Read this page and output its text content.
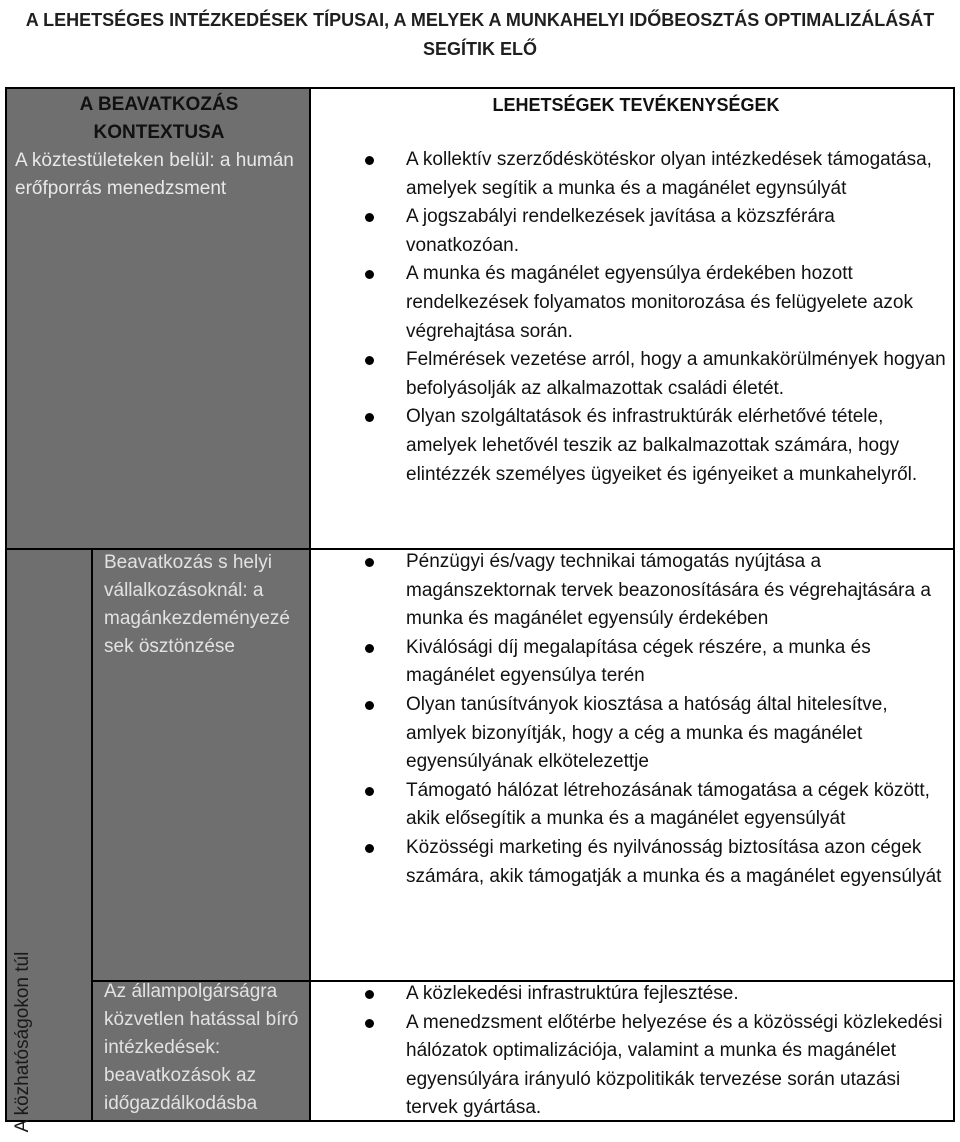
A LEHETSÉGES INTÉZKEDÉSEK TÍPUSAI, A MELYEK A MUNKAHELYI IDŐBEOSZTÁS OPTIMALIZÁLÁSÁT
SEGÍTIK ELŐ
A BEAVATKOZÁS KONTEXTUSA
A köztestületeken belül: a humán erőfporrás menedzsment
A közhatóságokon túl
Beavatkozás s helyi vállalkozásoknál: a magánkezdeményezé sek ösztönzése
Az állampolgárságra közvetlen hatással bíró intézkedések: beavatkozások az időgazdálkodásba
LEHETSÉGEK TEVÉKENYSÉGEK
A kollektív szerződéskötéskor olyan intézkedések támogatása, amelyek segítik a munka és a magánélet egynsúlyát
A jogszabályi rendelkezések javítása a közszférára vonatkozóan.
A munka és magánélet egyensúlya érdekében hozott rendelkezések folyamatos monitorozása és felügyelete azok végrehajtása során.
Felmérések vezetése arról, hogy a amunkakörülmények hogyan befolyásolják az alkalmazottak családi életét.
Olyan szolgáltatások és infrastruktúrák elérhetővé tétele, amelyek lehetővél teszik az balkalmazottak számára, hogy elintézzék személyes ügyeiket és igényeiket a munkahelyről.
Pénzügyi és/vagy technikai támogatás nyújtása a magánszektornak tervek beazonosítására és végrehajtására a munka és magánélet egyensúly érdekében
Kiválósági díj megalapítása cégek részére, a munka és magánélet egyensúlya terén
Olyan tanúsítványok kiosztása a hatóság által hitelesítve, amlyek bizonyítják, hogy a cég a munka és magánélet egyensúlyának elkötelezettje
Támogató hálózat létrehozásának támogatása a cégek között, akik elősegítik a munka és a magánélet egyensúlyát
Közösségi marketing és nyilvánosság biztosítása azon cégek számára, akik támogatják a munka és a magánélet egyensúlyát
A közlekedési infrastruktúra fejlesztése.
A menedzsment előtérbe helyezése és a közösségi közlekedési hálózatok optimalizációja, valamint a munka és magánélet egyensúlyára irányuló közpolitikák tervezése során utazási tervek gyártása.
